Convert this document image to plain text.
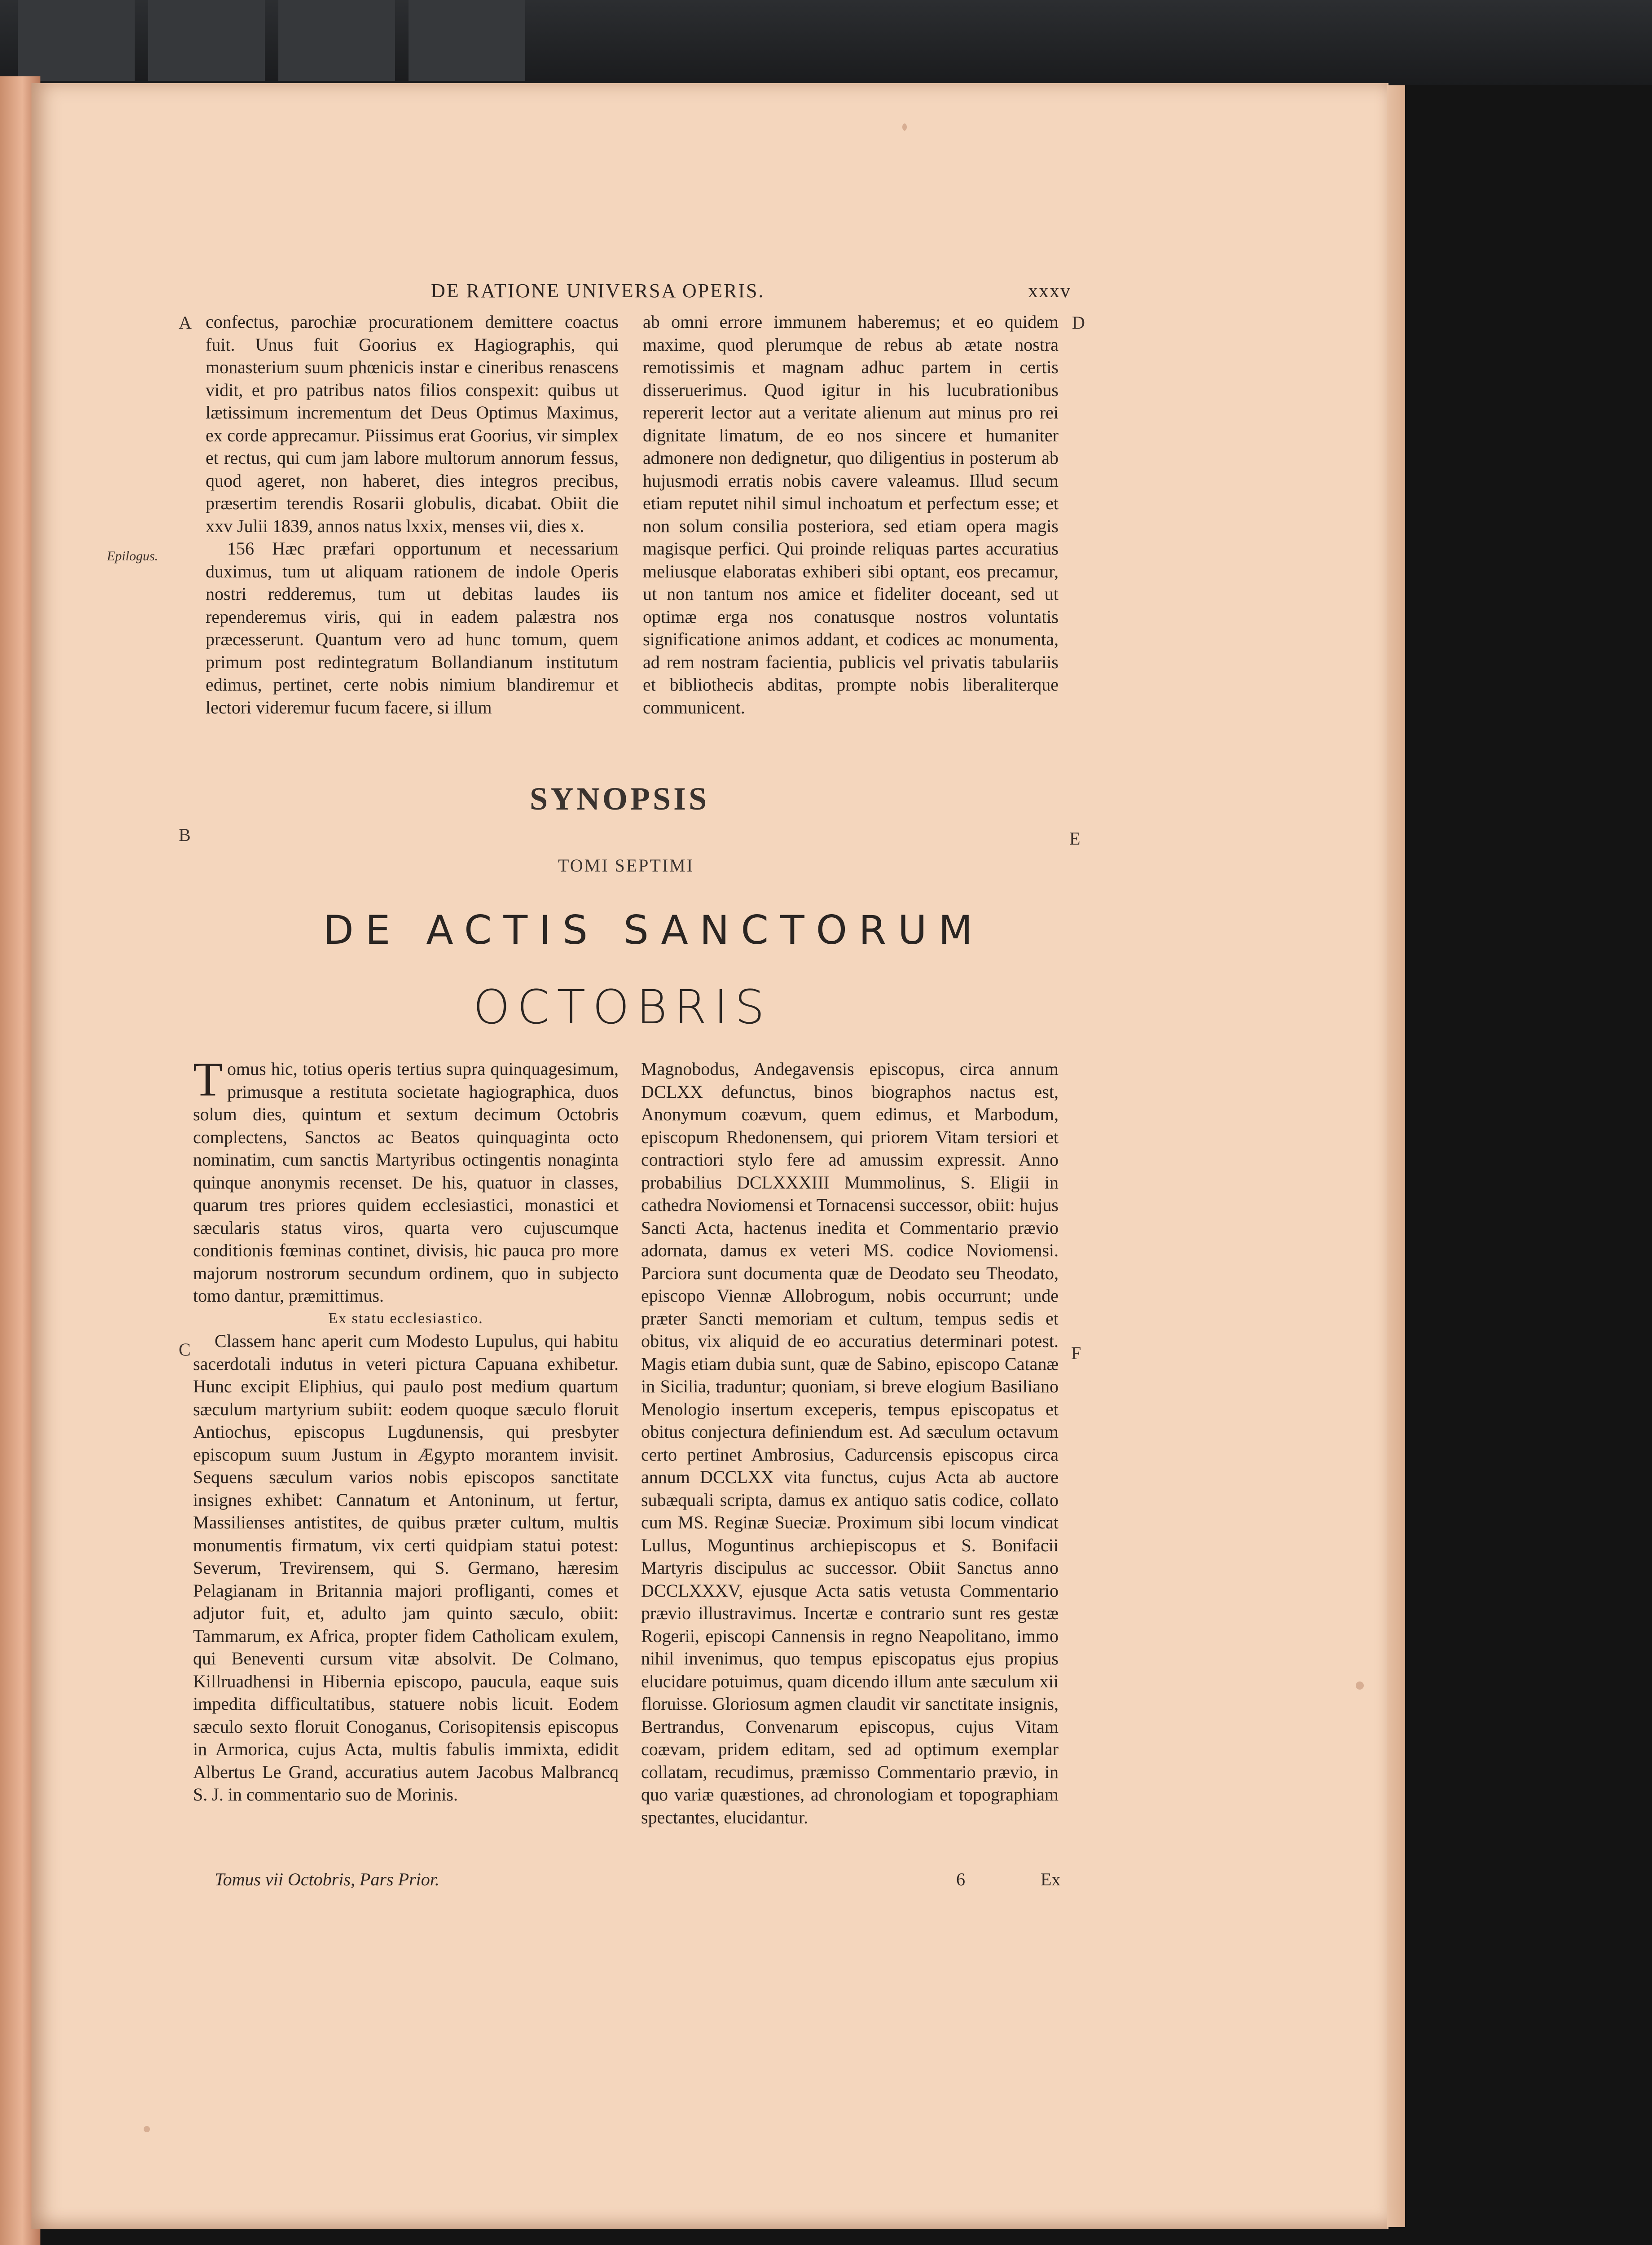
DE RATIONE UNIVERSA OPERIS.	xxxv
A	D
B	E
C	F
Epilogus.

confectus, parochiæ procurationem demittere coactus fuit. Unus fuit Goorius ex Hagiographis, qui monasterium suum phœnicis instar e cineribus renascens vidit, et pro patribus natos filios conspexit: quibus ut lætissimum incrementum det Deus Optimus Maximus, ex corde apprecamur. Piissimus erat Goorius, vir simplex et rectus, qui cum jam labore multorum annorum fessus, quod ageret, non haberet, dies integros precibus, præsertim terendis Rosarii globulis, dicabat. Obiit die xxv Julii 1839, annos natus lxxix, menses vii, dies x.

156 Hæc præfari opportunum et necessarium duximus, tum ut aliquam rationem de indole Operis nostri redderemus, tum ut debitas laudes iis rependeremus viris, qui in eadem palæstra nos præcesserunt. Quantum vero ad hunc tomum, quem primum post redintegratum Bollandianum institutum edimus, pertinet, certe nobis nimium blandiremur et lectori videremur fucum facere, si illum

ab omni errore immunem haberemus; et eo quidem maxime, quod plerumque de rebus ab ætate nostra remotissimis et magnam adhuc partem in certis disseruerimus. Quod igitur in his lucubrationibus repererit lector aut a veritate alienum aut minus pro rei dignitate limatum, de eo nos sincere et humaniter admonere non dedignetur, quo diligentius in posterum ab hujusmodi erratis nobis cavere valeamus. Illud secum etiam reputet nihil simul inchoatum et perfectum esse; et non solum consilia posteriora, sed etiam opera magis magisque perfici. Qui proinde reliquas partes accuratius meliusque elaboratas exhiberi sibi optant, eos precamur, ut non tantum nos amice et fideliter doceant, sed ut optimæ erga nos conatusque nostros voluntatis significatione animos addant, et codices ac monumenta, ad rem nostram facientia, publicis vel privatis tabulariis et bibliothecis abditas, prompte nobis liberaliterque communicent.

SYNOPSIS
TOMI SEPTIMI
DE ACTIS SANCTORUM
OCTOBRIS

Tomus hic, totius operis tertius supra quinquagesimum, primusque a restituta societate hagiographica, duos solum dies, quintum et sextum decimum Octobris complectens, Sanctos ac Beatos quinquaginta octo nominatim, cum sanctis Martyribus octingentis nonaginta quinque anonymis recenset. De his, quatuor in classes, quarum tres priores quidem ecclesiastici, monastici et sæcularis status viros, quarta vero cujuscumque conditionis fœminas continet, divisis, hic pauca pro more majorum nostrorum secundum ordinem, quo in subjecto tomo dantur, præmittimus.

Ex statu ecclesiastico.

Classem hanc aperit cum Modesto Lupulus, qui habitu sacerdotali indutus in veteri pictura Capuana exhibetur. Hunc excipit Eliphius, qui paulo post medium quartum sæculum martyrium subiit: eodem quoque sæculo floruit Antiochus, episcopus Lugdunensis, qui presbyter episcopum suum Justum in Ægypto morantem invisit. Sequens sæculum varios nobis episcopos sanctitate insignes exhibet: Cannatum et Antoninum, ut fertur, Massilienses antistites, de quibus præter cultum, multis monumentis firmatum, vix certi quidpiam statui potest: Severum, Trevirensem, qui S. Germano, hæresim Pelagianam in Britannia majori profliganti, comes et adjutor fuit, et, adulto jam quinto sæculo, obiit: Tammarum, ex Africa, propter fidem Catholicam exulem, qui Beneventi cursum vitæ absolvit. De Colmano, Killruadhensi in Hibernia episcopo, paucula, eaque suis impedita difficultatibus, statuere nobis licuit. Eodem sæculo sexto floruit Conoganus, Corisopitensis episcopus in Armorica, cujus Acta, multis fabulis immixta, edidit Albertus Le Grand, accuratius autem Jacobus Malbrancq S. J. in commentario suo de Morinis.

Magnobodus, Andegavensis episcopus, circa annum DCLXX defunctus, binos biographos nactus est, Anonymum coævum, quem edimus, et Marbodum, episcopum Rhedonensem, qui priorem Vitam tersiori et contractiori stylo fere ad amussim expressit. Anno probabilius DCLXXXIII Mummolinus, S. Eligii in cathedra Noviomensi et Tornacensi successor, obiit: hujus Sancti Acta, hactenus inedita et Commentario prævio adornata, damus ex veteri MS. codice Noviomensi. Parciora sunt documenta quæ de Deodato seu Theodato, episcopo Viennæ Allobrogum, nobis occurrunt; unde præter Sancti memoriam et cultum, tempus sedis et obitus, vix aliquid de eo accuratius determinari potest. Magis etiam dubia sunt, quæ de Sabino, episcopo Catanæ in Sicilia, traduntur; quoniam, si breve elogium Basiliano Menologio insertum exceperis, tempus episcopatus et obitus conjectura definiendum est. Ad sæculum octavum certo pertinet Ambrosius, Cadurcensis episcopus circa annum DCCLXX vita functus, cujus Acta ab auctore subæquali scripta, damus ex antiquo satis codice, collato cum MS. Reginæ Sueciæ. Proximum sibi locum vindicat Lullus, Moguntinus archiepiscopus et S. Bonifacii Martyris discipulus ac successor. Obiit Sanctus anno DCCLXXXV, ejusque Acta satis vetusta Commentario prævio illustravimus. Incertæ e contrario sunt res gestæ Rogerii, episcopi Cannensis in regno Neapolitano, immo nihil invenimus, quo tempus episcopatus ejus propius elucidare potuimus, quam dicendo illum ante sæculum xii floruisse. Gloriosum agmen claudit vir sanctitate insignis, Bertrandus, Convenarum episcopus, cujus Vitam coævam, pridem editam, sed ad optimum exemplar collatam, recudimus, præmisso Commentario prævio, in quo variæ quæstiones, ad chronologiam et topographiam spectantes, elucidantur.

Tomus vii Octobris, Pars Prior.	6	Ex
